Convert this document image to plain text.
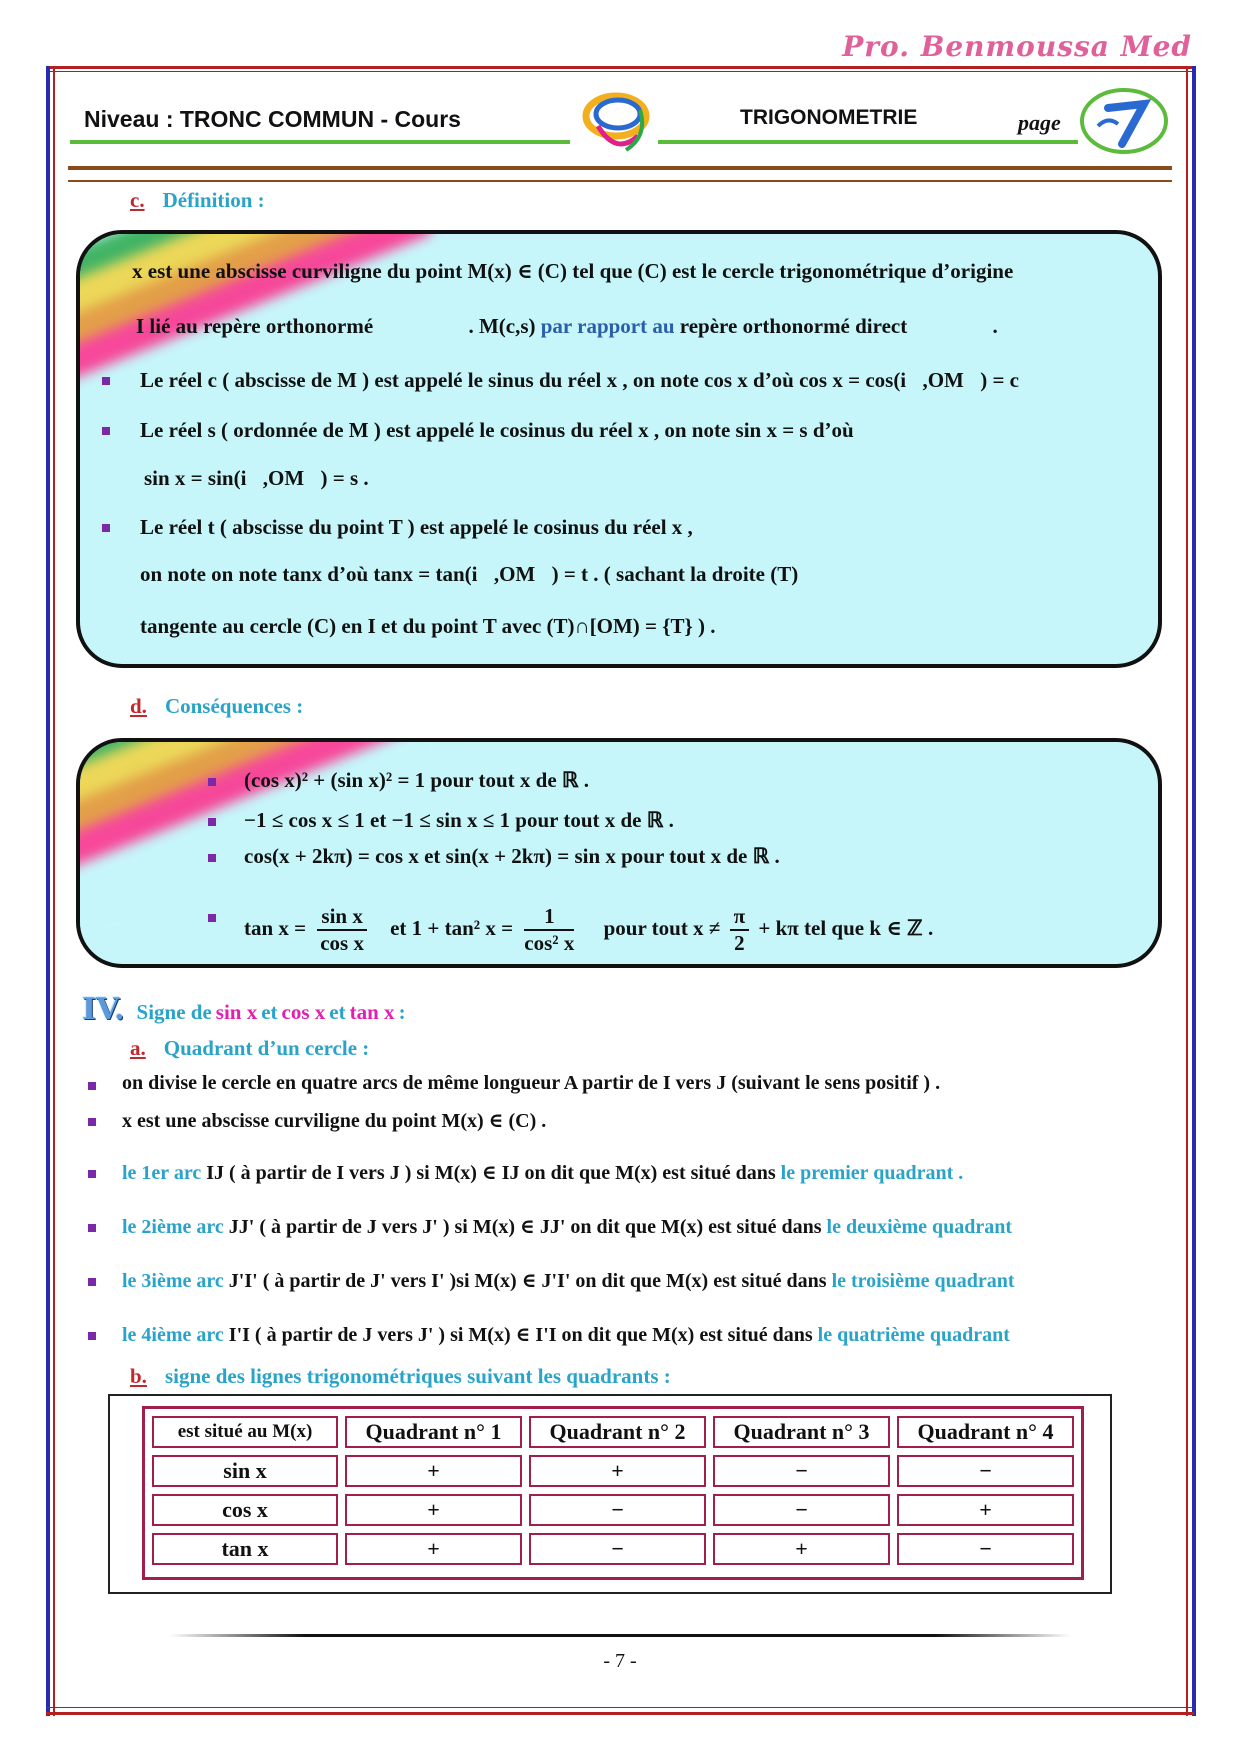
Pro. Benmoussa Med
Niveau : TRONC COMMUN - Cours	TRIGONOMETRIE	page
c. Définition :
x est une abscisse curviligne du point M(x) ∈ (C) tel que (C) est le cercle trigonométrique d’origine
I lié au repère orthonormé	. M(c,s) par rapport au repère orthonormé direct	.
Le réel c ( abscisse de M ) est appelé le sinus du réel x , on note cos x d’où cos x = cos(i⃗,OM⃗) = c
Le réel s ( ordonnée de M ) est appelé le cosinus du réel x , on note sin x = s d’où
sin x = sin(i⃗,OM⃗) = s .
Le réel t ( abscisse du point T ) est appelé le cosinus du réel x ,
on note on note tanx d’où tanx = tan(i⃗,OM⃗) = t . ( sachant la droite (T)
tangente au cercle (C) en I et du point T avec (T)∩[OM) = {T} ) .
d. Conséquences :
(cos x)² + (sin x)² = 1 pour tout x de ℝ .
−1 ≤ cos x ≤ 1 et −1 ≤ sin x ≤ 1 pour tout x de ℝ .
cos(x + 2kπ) = cos x et sin(x + 2kπ) = sin x pour tout x de ℝ .
$\tan x = \frac{\text{sin x}}{\text{cos x}}$ et 1 + tan² $x = \frac{1}{\text{cos² x}}$ pour tout $x \ne \frac{\pi}{2} + k\pi$ tel que k ∈ ℤ .
IV. Signe de sin x et cos x et tan x :
a. Quadrant d’un cercle :
on divise le cercle en quatre arcs de même longueur A partir de I vers J (suivant le sens positif ) .
x est une abscisse curviligne du point M(x) ∈ (C) .
le 1er arc IJ ( à partir de I vers J ) si M(x) ∈ IJ on dit que M(x) est situé dans le premier quadrant .
le 2ième arc JJ' ( à partir de J vers J' ) si M(x) ∈ JJ' on dit que M(x) est situé dans le deuxième quadrant
le 3ième arc J'I' ( à partir de J' vers I' )si M(x) ∈ J'I' on dit que M(x) est situé dans le troisième quadrant
le 4ième arc I'I ( à partir de J vers J' ) si M(x) ∈ I'I on dit que M(x) est situé dans le quatrième quadrant
b. signe des lignes trigonométriques suivant les quadrants :
est situé au M(x)	Quadrant n° 1	Quadrant n° 2	Quadrant n° 3	Quadrant n° 4
sin x	+	+	−	−
cos x	+	−	−	+
tan x	+	−	+	−
- 7 -
